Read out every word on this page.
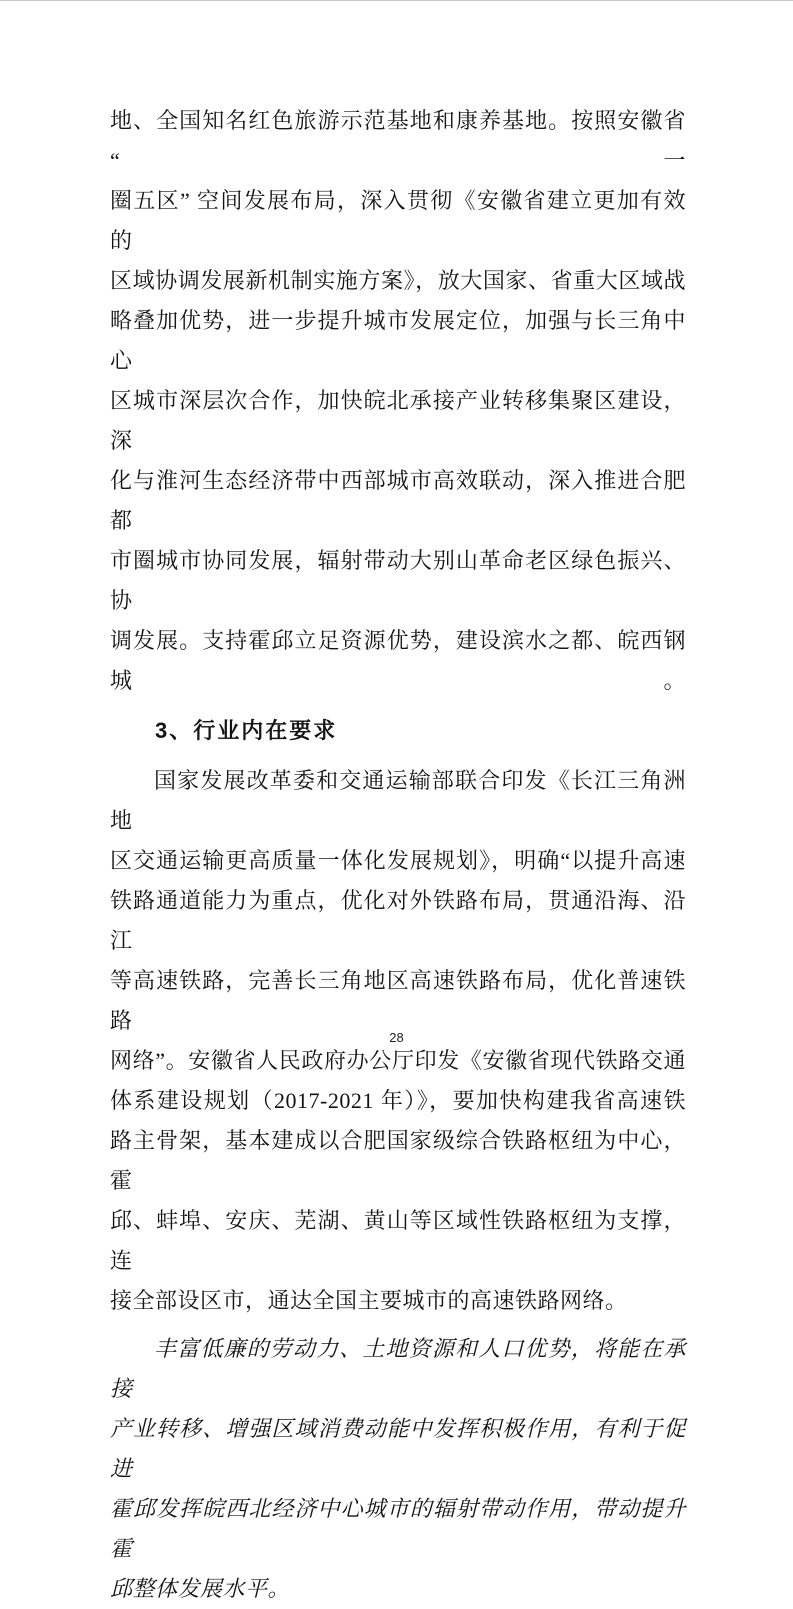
地、全国知名红色旅游示范基地和康养基地。按照安徽省“一

圈五区” 空间发展布局，深入贯彻《安徽省建立更加有效的

区域协调发展新机制实施方案》，放大国家、省重大区域战

略叠加优势，进一步提升城市发展定位，加强与长三角中心

区城市深层次合作，加快皖北承接产业转移集聚区建设，深

化与淮河生态经济带中西部城市高效联动，深入推进合肥都

市圈城市协同发展，辐射带动大别山革命老区绿色振兴、协

调发展。支持霍邱立足资源优势，建设滨水之都、皖西钢城。

3、行业内在要求

国家发展改革委和交通运输部联合印发《长江三角洲地

区交通运输更高质量一体化发展规划》，明确“以提升高速

铁路通道能力为重点，优化对外铁路布局，贯通沿海、沿江

等高速铁路，完善长三角地区高速铁路布局，优化普速铁路

网络”。安徽省人民政府办公厅印发《安徽省现代铁路交通

体系建设规划（2017-2021 年）》，要加快构建我省高速铁

路主骨架，基本建成以合肥国家级综合铁路枢纽为中心，霍

邱、蚌埠、安庆、芜湖、黄山等区域性铁路枢纽为支撑，连

接全部设区市，通达全国主要城市的高速铁路网络。

丰富低廉的劳动力、土地资源和人口优势，将能在承接

产业转移、增强区域消费动能中发挥积极作用，有利于促进

霍邱发挥皖西北经济中心城市的辐射带动作用，带动提升霍

邱整体发展水平。

28
